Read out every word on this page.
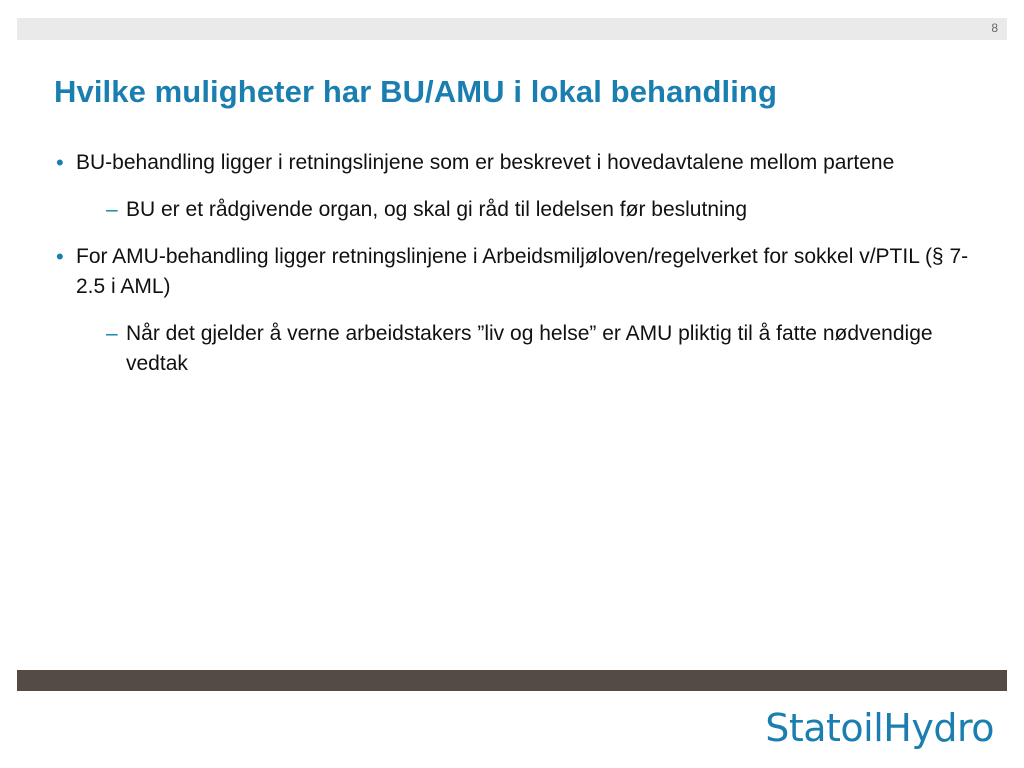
8
Hvilke muligheter har BU/AMU i lokal behandling
• BU-behandling ligger i retningslinjene som er beskrevet i hovedavtalene mellom partene
– BU er et rådgivende organ, og skal gi råd til ledelsen før beslutning
• For AMU-behandling ligger retningslinjene i Arbeidsmiljøloven/regelverket for sokkel v/PTIL (§ 7-2.5 i AML)
– Når det gjelder å verne arbeidstakers ”liv og helse” er AMU pliktig til å fatte nødvendige vedtak
StatoilHydro
